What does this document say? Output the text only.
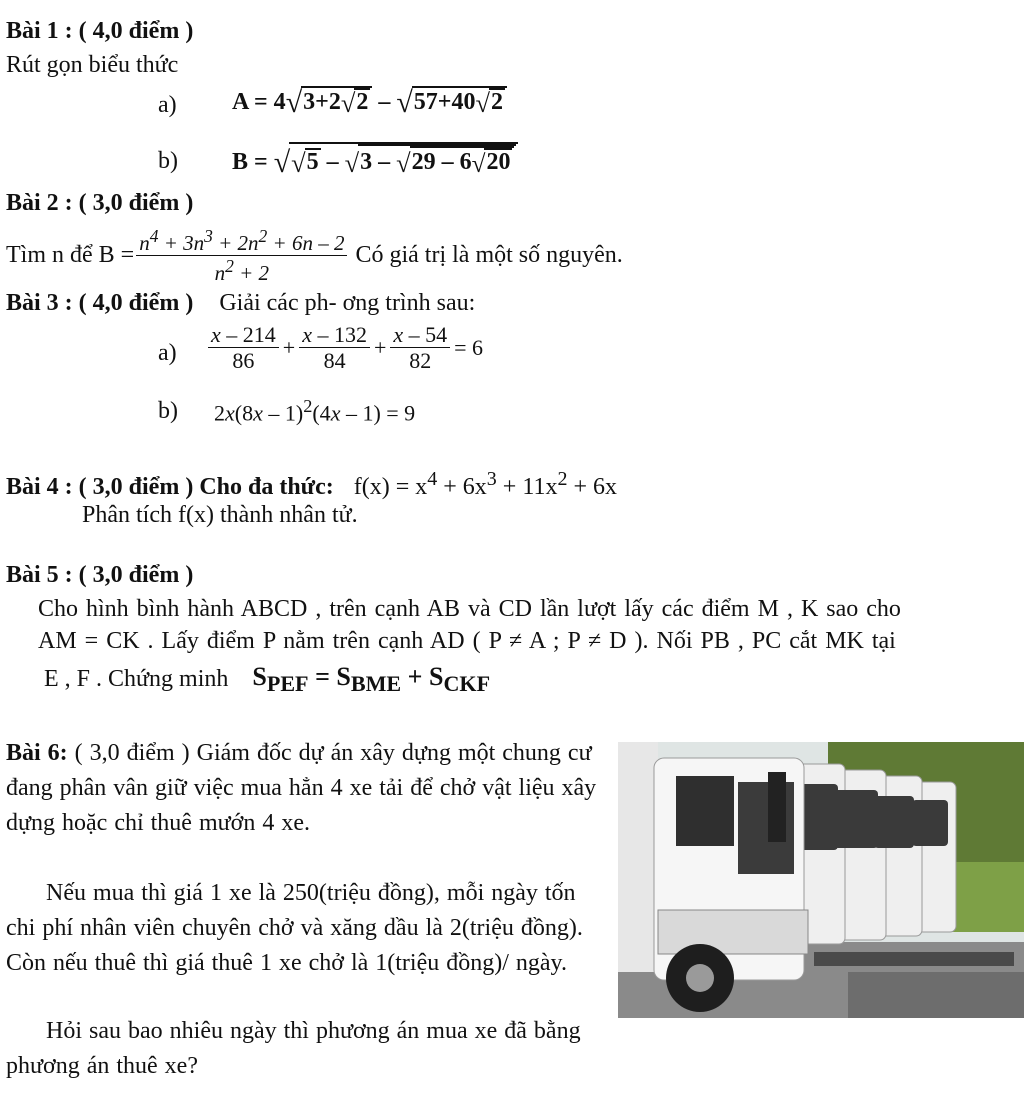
Bài 1 : ( 4,0 điểm )
Rút gọn biểu thức
a) A = 4√3+2√2 – √57+40√2
b) B = √√5 – √3 – √29 – 6√20
Bài 2 : ( 3,0 điểm )
Tìm n để $B = \frac{n^4 + 3n^3 + 2n^2 + 6n - 2}{n^2 + 2}$ Có giá trị là một số nguyên.
Bài 3 : ( 4,0 điểm ) Giải các ph- ơng trình sau:
$a) \frac{x - 214}{86} + \frac{x - 132}{84} + \frac{x - 54}{82} = 6$
b) 2x(8x – 1)$^2$(4x – 1) = 9
Bài 4 : ( 3,0 điểm ) Cho đa thức: $f(x) = x^4 + 6x^3 + 11x^2 + 6x$
Phân tích f(x) thành nhân tử.
Bài 5 : ( 3,0 điểm )
Cho hình bình hành ABCD , trên cạnh AB và CD lần lượt lấy các điểm M , K sao cho
AM = CK . Lấy điểm P nằm trên cạnh AD ( P ≠ A ; P ≠ D ). Nối PB , PC cắt MK tại
E , F . Chứng minh $S_{PEF} = S_{BME} + S_{CKF}$
Bài 6: ( 3,0 điểm ) Giám đốc dự án xây dựng một chung cư đang phân vân giữ việc mua hẳn 4 xe tải để chở vật liệu xây dựng hoặc chỉ thuê mướn 4 xe.
Nếu mua thì giá 1 xe là 250(triệu đồng), mỗi ngày tốn chi phí nhân viên chuyên chở và xăng dầu là 2(triệu đồng). Còn nếu thuê thì giá thuê 1 xe chở là 1(triệu đồng)/ ngày.
Hỏi sau bao nhiêu ngày thì phương án mua xe đã bằng phương án thuê xe?
